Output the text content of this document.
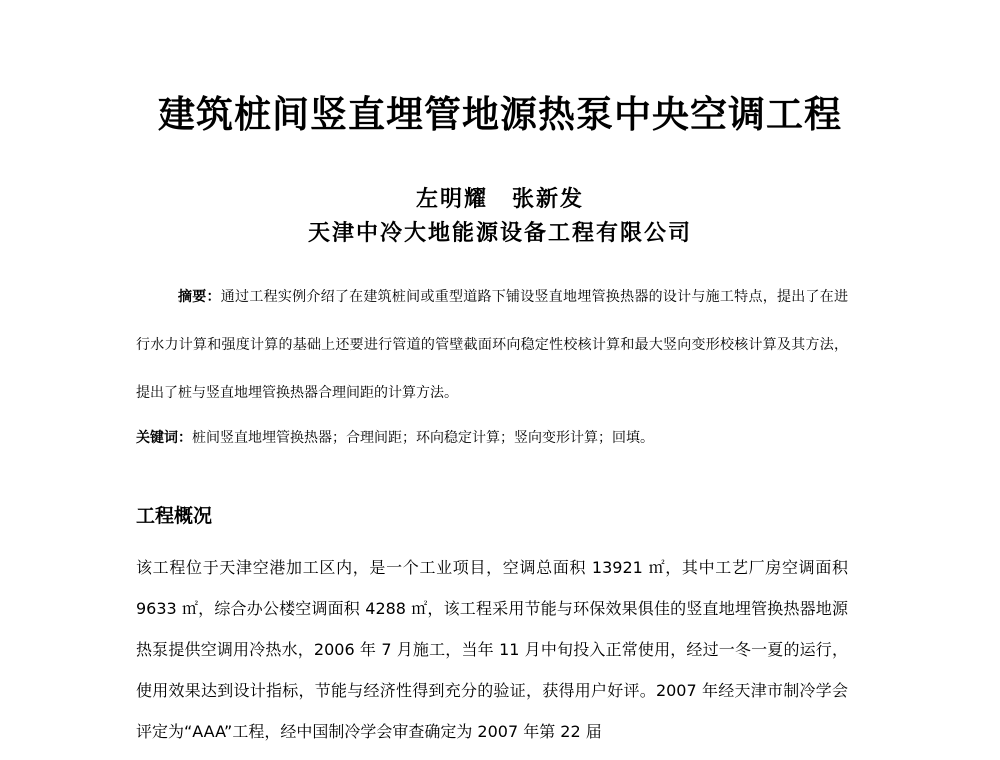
建筑桩间竖直埋管地源热泵中央空调工程
左明耀 张新发
天津中冷大地能源设备工程有限公司

摘要：通过工程实例介绍了在建筑桩间或重型道路下铺设竖直地埋管换热器的设计与施工特点，提出了在进行水力计算和强度计算的基础上还要进行管道的管壁截面环向稳定性校核计算和最大竖向变形校核计算及其方法，提出了桩与竖直地埋管换热器合理间距的计算方法。

关键词：桩间竖直地埋管换热器；合理间距；环向稳定计算；竖向变形计算；回填。

工程概况

该工程位于天津空港加工区内，是一个工业项目，空调总面积 13921 ㎡，其中工艺厂房空调面积 9633 ㎡，综合办公楼空调面积 4288 ㎡，该工程采用节能与环保效果俱佳的竖直地埋管换热器地源热泵提供空调用冷热水，2006 年 7 月施工，当年 11 月中旬投入正常使用，经过一冬一夏的运行，使用效果达到设计指标，节能与经济性得到充分的验证，获得用户好评。2007 年经天津市制冷学会评定为“AAA”工程，经中国制冷学会审查确定为 2007 年第 22 届
